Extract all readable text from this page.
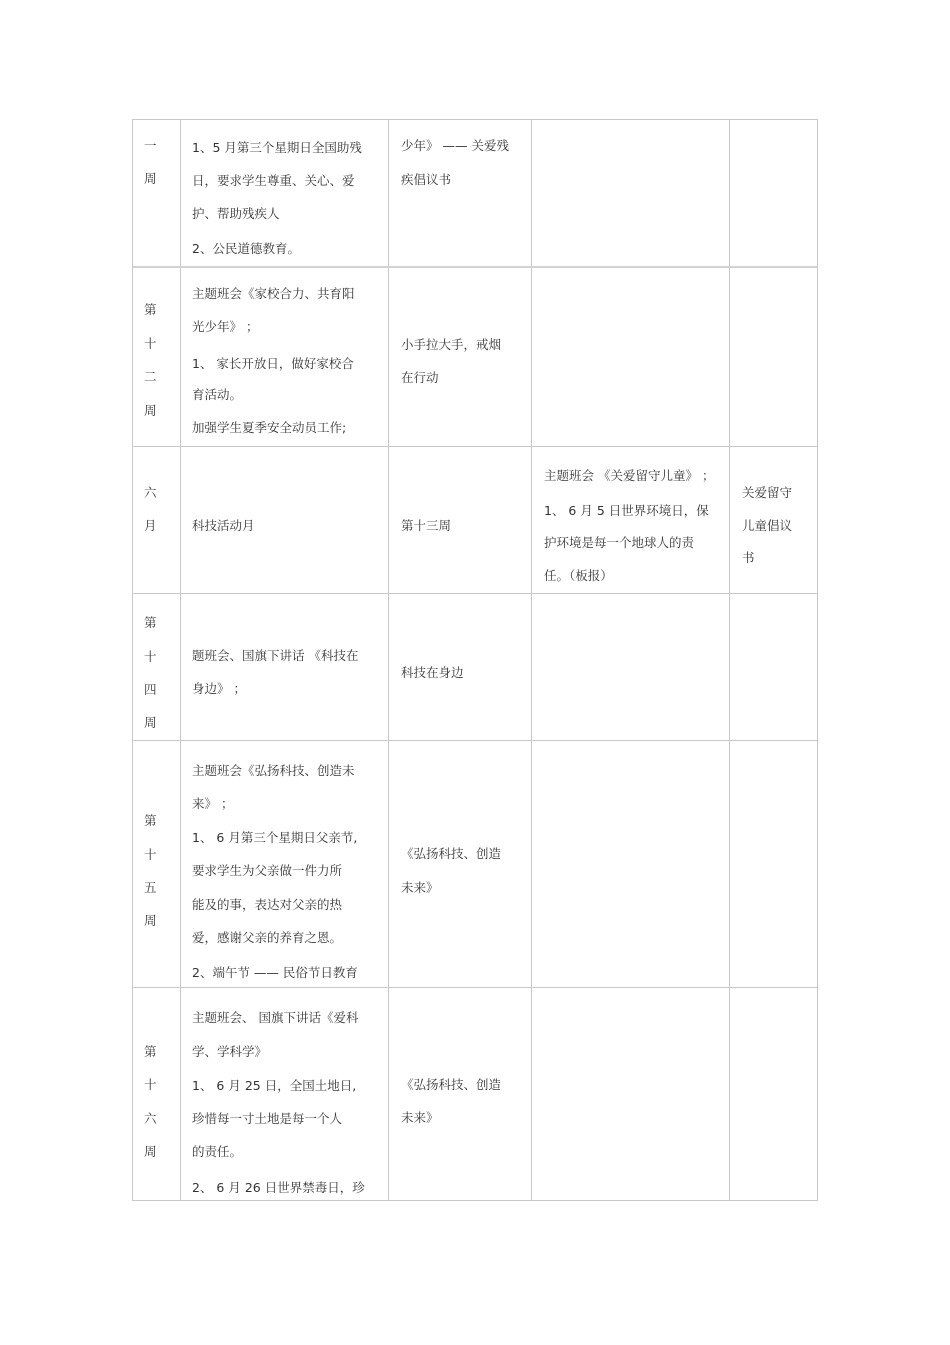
一
周
1、5 月第三个星期日全国助残
日，要求学生尊重、关心、爱
护、帮助残疾人
2、公民道德教育。
少年》 —— 关爱残
疾倡议书
第
十
二
周
主题班会《家校合力、共育阳
光少年》 ；
1、 家长开放日，做好家校合
育活动。
加强学生夏季安全动员工作;
小手拉大手，戒烟
在行动
六
月	科技活动月	第十三周
主题班会 《关爱留守儿童》 ；
1、 6 月 5 日世界环境日，保
护环境是每一个地球人的责
任。（板报）
关爱留守
儿童倡议
书
第
十
四
周
题班会、国旗下讲话 《科技在
身边》 ；
科技在身边
第
十
五
周
主题班会《弘扬科技、创造未
来》 ；
1、 6 月第三个星期日父亲节,
要求学生为父亲做一件力所
能及的事，表达对父亲的热
爱，感谢父亲的养育之恩。
2、端午节 —— 民俗节日教育
《弘扬科技、创造
未来》
第
十
六
周
主题班会、 国旗下讲话《爱科
学、学科学》
1、 6 月 25 日，全国土地日,
珍惜每一寸土地是每一个人
的责任。
2、 6 月 26 日世界禁毒日，珍
《弘扬科技、创造
未来》
